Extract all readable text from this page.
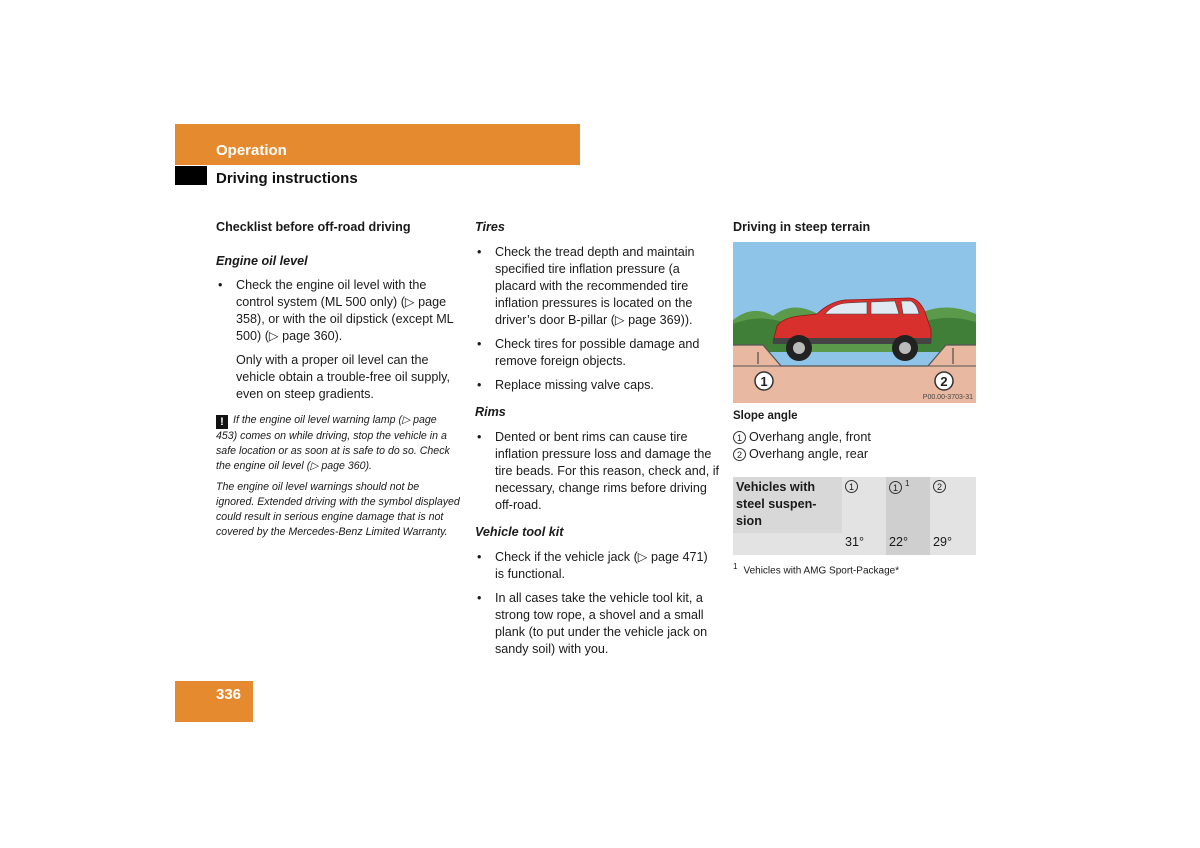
Operation
Driving instructions

Checklist before off-road driving

Engine oil level

• Check the engine oil level with the control system (ML 500 only) (▷ page 358), or with the oil dipstick (except ML 500) (▷ page 360).

Only with a proper oil level can the vehicle obtain a trouble-free oil supply, even on steep gradients.

! If the engine oil level warning lamp (▷ page 453) comes on while driving, stop the vehicle in a safe location or as soon at is safe to do so. Check the engine oil level (▷ page 360).

The engine oil level warnings should not be ignored. Extended driving with the symbol displayed could result in serious engine damage that is not covered by the Mercedes-Benz Limited Warranty.

Tires

• Check the tread depth and maintain specified tire inflation pressure (a placard with the recommended tire inflation pressures is located on the driver’s door B-pillar (▷ page 369)).
• Check tires for possible damage and remove foreign objects.
• Replace missing valve caps.

Rims

• Dented or bent rims can cause tire inflation pressure loss and damage the tire beads. For this reason, check and, if necessary, change rims before driving off-road.

Vehicle tool kit

• Check if the vehicle jack (▷ page 471) is functional.
• In all cases take the vehicle tool kit, a strong tow rope, a shovel and a small plank (to put under the vehicle jack on sandy soil) with you.

Driving in steep terrain

1	2
P00.00-3703-31
Slope angle
1 Overhang angle, front
2 Overhang angle, rear
Vehicles with steel suspen-sion	1	1 $^1$	2
	31°	22°	29°
$^1$ Vehicles with AMG Sport-Package*
336
